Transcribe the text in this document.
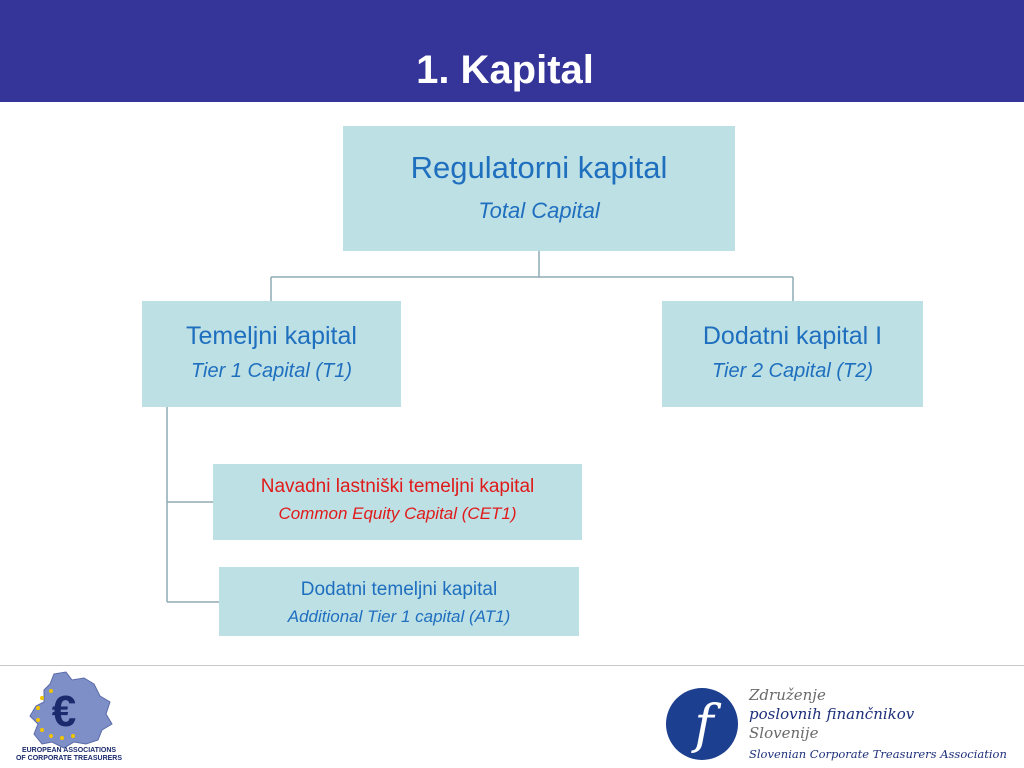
1. Kapital
Regulatorni kapital
Total Capital
Temeljni kapital
Tier 1 Capital (T1)
Dodatni kapital I
Tier 2 Capital (T2)
Navadni lastniški temeljni kapital
Common Equity Capital (CET1)
Dodatni temeljni kapital
Additional Tier 1 capital (AT1)
€
EUROPEAN ASSOCIATIONS
OF CORPORATE TREASURERS
f	Združenje
poslovnih finančnikov
Slovenije
Slovenian Corporate Treasurers Association
